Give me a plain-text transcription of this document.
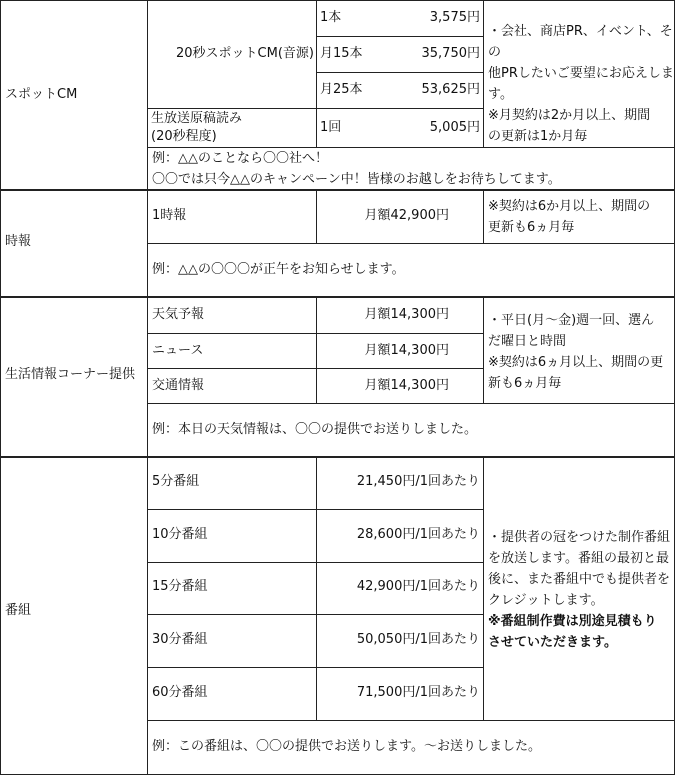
スポットCM
20秒スポットCM(音源)
1本	3,575円
月15本	35,750円
月25本	53,625円
生放送原稿読み
(20秒程度)
1回	5,005円
・会社、商店PR、イベント、その
他PRしたいご要望にお応えしま
す。
※月契約は2か月以上、期間
の更新は1か月毎
例：△△のことなら〇〇社へ！
〇〇では只今△△のキャンペーン中！皆様のお越しをお待ちしてます。
時報
1時報	月額42,900円
※契約は6か月以上、期間の
更新も6ヵ月毎
例：△△の〇〇〇が正午をお知らせします。
生活情報コーナー提供
天気予報	月額14,300円
ニュース	月額14,300円
交通情報	月額14,300円
・平日(月～金)週一回、選ん
だ曜日と時間
※契約は6ヵ月以上、期間の更
新も6ヵ月毎
例：本日の天気情報は、〇〇の提供でお送りしました。
番組
5分番組	21,450円/1回あたり
10分番組	28,600円/1回あたり
15分番組	42,900円/1回あたり
30分番組	50,050円/1回あたり
60分番組	71,500円/1回あたり
・提供者の冠をつけた制作番組
を放送します。番組の最初と最
後に、また番組中でも提供者を
クレジットします。
※番組制作費は別途見積もり
させていただきます。
例：この番組は、〇〇の提供でお送りします。～お送りしました。
